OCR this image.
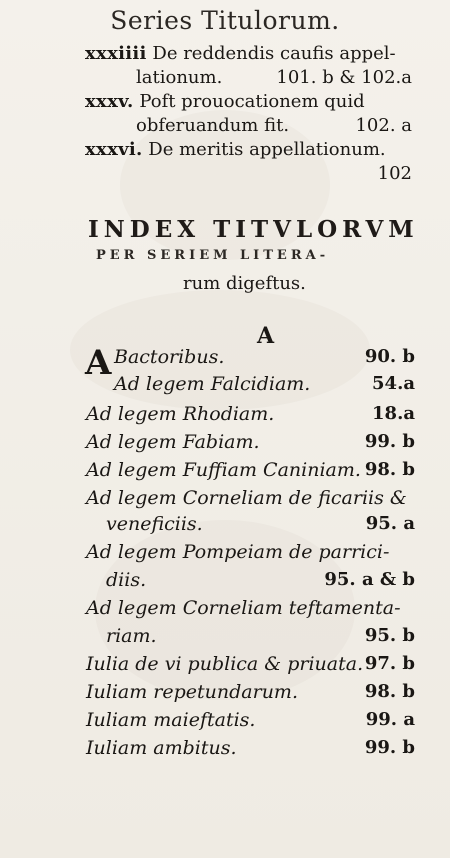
Series Titulorum.
xxxiiii De reddendis caufis appel-
lationum.	101. b & 102.a
xxxv. Poft prouocationem quid
obferuandum fit.	102. a
xxxvi. De meritis appellationum.
102
INDEX TITVLORVM
PER SERIEM LITERA-
rum digeftus.
A
A Bactoribus.	90. b
Ad legem Falcidiam.	54.a
Ad legem Rhodiam.	18.a
Ad legem Fabiam.	99. b
Ad legem Fuffiam Caniniam. 98. b
Ad legem Corneliam de ficariis &
veneficiis.	95. a
Ad legem Pompeiam de parrici-
diis.	95. a & b
Ad legem Corneliam teftamenta-
riam.	95. b
Iulia de vi publica & priuata. 97. b
Iuliam repetundarum.	98. b
Iuliam maieftatis.	99. a
Iuliam ambitus.	99. b
